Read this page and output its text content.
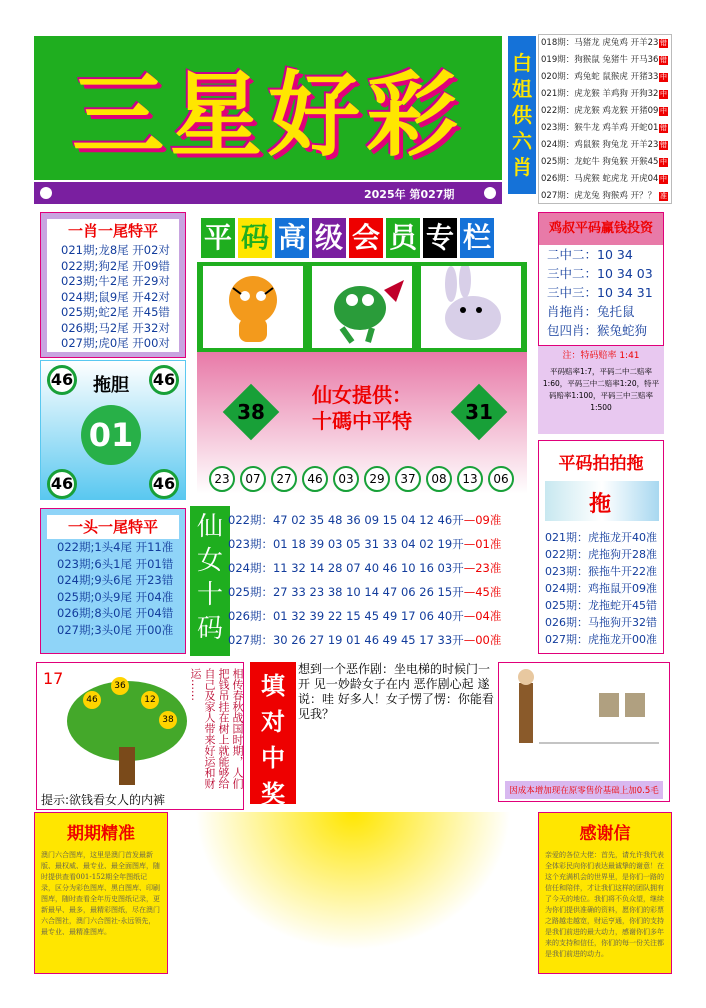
三星好彩
2025年 第027期
白
姐
供
六
肖
018期：马猪龙 虎兔鸡 开羊23 错
019期：狗猴鼠 兔猪牛 开马36 错
020期：鸡兔蛇 鼠猴虎 开猪33 中
021期：虎龙猴 羊鸡狗 开狗32 中
022期：虎龙猴 鸡龙猴 开猪09 中
023期：猴牛龙 鸡羊鸡 开蛇01 错
024期：鸡鼠猴 狗兔龙 开羊23 错
025期：龙蛇牛 狗兔猴 开猴45 中
026期：马虎猴 蛇虎龙 开虎04 中
027期：虎龙兔 狗猴鸡 开？？ 准
一肖一尾特平
021期;龙8尾 开02对
022期;狗2尾 开09错
023期;牛2尾 开29对
024期;鼠9尾 开42对
025期;蛇2尾 开45错
026期;马2尾 开32对
027期;虎0尾 开00对
46	46
拖胆
01
46	46
一头一尾特平
022期;1头4尾 开11准
023期;6头1尾 开01错
024期;9头6尾 开23错
025期;0头9尾 开04准
026期;8头0尾 开04错
027期;3头0尾 开00准
平 码 高 级 会 员 专 栏
38
仙女提供：
十碼中平特	31
23	07	27	46	03	29	37	08	13	06
仙
女
十
码
022期：47 02 35 48 36 09 15 04 12 46开—09准
023期：01 18 39 03 05 31 33 04 02 19开—01准
024期：11 32 14 28 07 40 46 10 16 03开—23准
025期：27 33 23 38 10 14 47 06 26 15开—45准
026期：01 32 39 22 15 45 49 17 06 40开—04准
027期：30 26 27 19 01 46 49 45 17 33开—00准
鸡叔平码赢钱投资
二中二：10 34
三中二：10 34 03
三中三：10 34 31
肖拖肖：兔托鼠
包四肖：猴兔蛇狗
注：特码赔率 1:41
平码赔率1:7，平码二中二赔率1:60，平码三中二赔率1:20，特平码赔率1:100，平码三中三赔率1:500
平码拍拍拖
拖
021期：虎拖龙开40准
022期：虎拖狗开28准
023期：猴拖牛开22准
024期：鸡拖鼠开09准
025期：龙拖蛇开45错
026期：马拖狗开32错
027期：虎拖龙开00准
17
46
36
12
38
提示:欲钱看女人的内裤
相传春秋战国时期，人们把钱吊挂在树上就能够给自己及家人带来好运和财运……	填
对
中
奖
想到一个恶作剧：坐电梯的时候门一开 见一妙龄女子在内 恶作剧心起 遂说：哇 好多人！女子愣了愣：你能看见我？
因成本增加现在原零售价基础上加0.5毛
期期精准
澳门六合图库，这里是澳门首发最新版、最权威、最专业、最全面图库，随时提供查看001-152期全年图纸记录，区分为彩色图库、黑白图库、印刷图库，随时查看全年历史图纸记录，更新最早、最多，最精彩图纸，尽在澳门六合图社，澳门六合图社-永远领先，最专业、最精准图库。
感谢信
亲爱的各位大佬：首先，请允许我代表全体彩民向你们表达最诚挚的谢意！在这个充满机会的世界里，是你们一路的信任和陪伴，才让我们这样的团队拥有了今天的地位。我们将不负众望，继续为你们提供准确的资料，愿你们的彩票之路越走越宽，财运亨通，你们的支持是我们前进的最大动力，感谢你们多年来的支持和信任，你们的每一份关注都是我们前进的动力。
